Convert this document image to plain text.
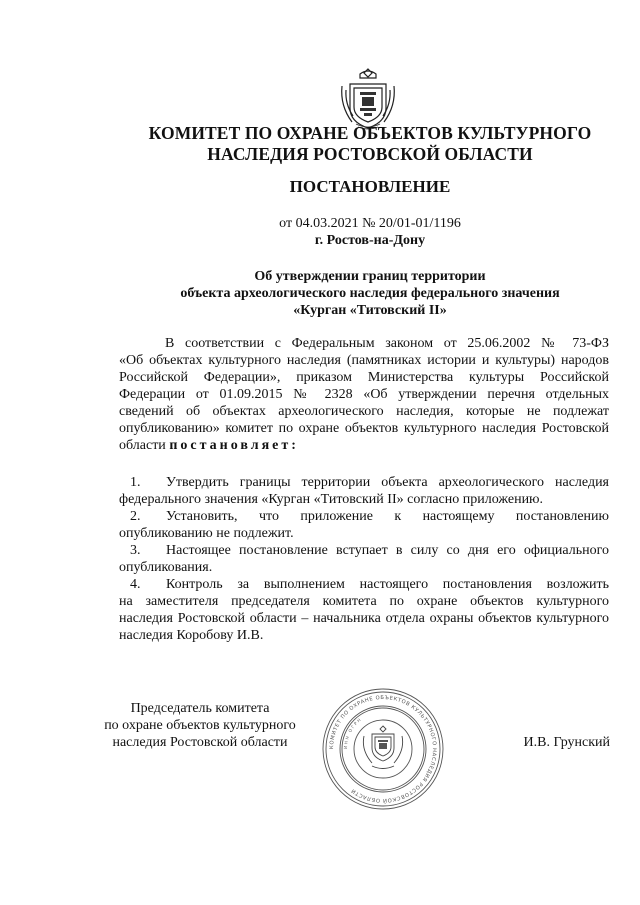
КОМИТЕТ ПО ОХРАНЕ ОБЪЕКТОВ КУЛЬТУРНОГО
НАСЛЕДИЯ РОСТОВСКОЙ ОБЛАСТИ
ПОСТАНОВЛЕНИЕ
от 04.03.2021 № 20/01-01/1196
г. Ростов-на-Дону
Об утверждении границ территории
объекта археологического наследия федерального значения
«Курган «Титовский II»
В соответствии с Федеральным законом от 25.06.2002 № 73-ФЗ
«Об объектах культурного наследия (памятниках истории и культуры) народов
Российской Федерации», приказом Министерства культуры Российской
Федерации от 01.09.2015 № 2328 «Об утверждении перечня отдельных
сведений об объектах археологического наследия, которые не подлежат
опубликованию» комитет по охране объектов культурного наследия Ростовской
области постановляет:
1. Утвердить границы территории объекта археологического наследия
федерального значения «Курган «Титовский II» согласно приложению.
2. Установить, что приложение к настоящему постановлению
опубликованию не подлежит.
3. Настоящее постановление вступает в силу со дня его официального
опубликования.
4. Контроль за выполнением настоящего постановления возложить
на заместителя председателя комитета по охране объектов культурного
наследия Ростовской области – начальника отдела охраны объектов культурного
наследия Коробову И.В.
Председатель комитета
по охране объектов культурного
наследия Ростовской области	КОМИТЕТ ПО ОХРАНЕ ОБЪЕКТОВ КУЛЬТУРНОГО НАСЛЕДИЯ РОСТОВСКОЙ ОБЛАСТИ
ИНН ОГРН
И.В. Грунский
